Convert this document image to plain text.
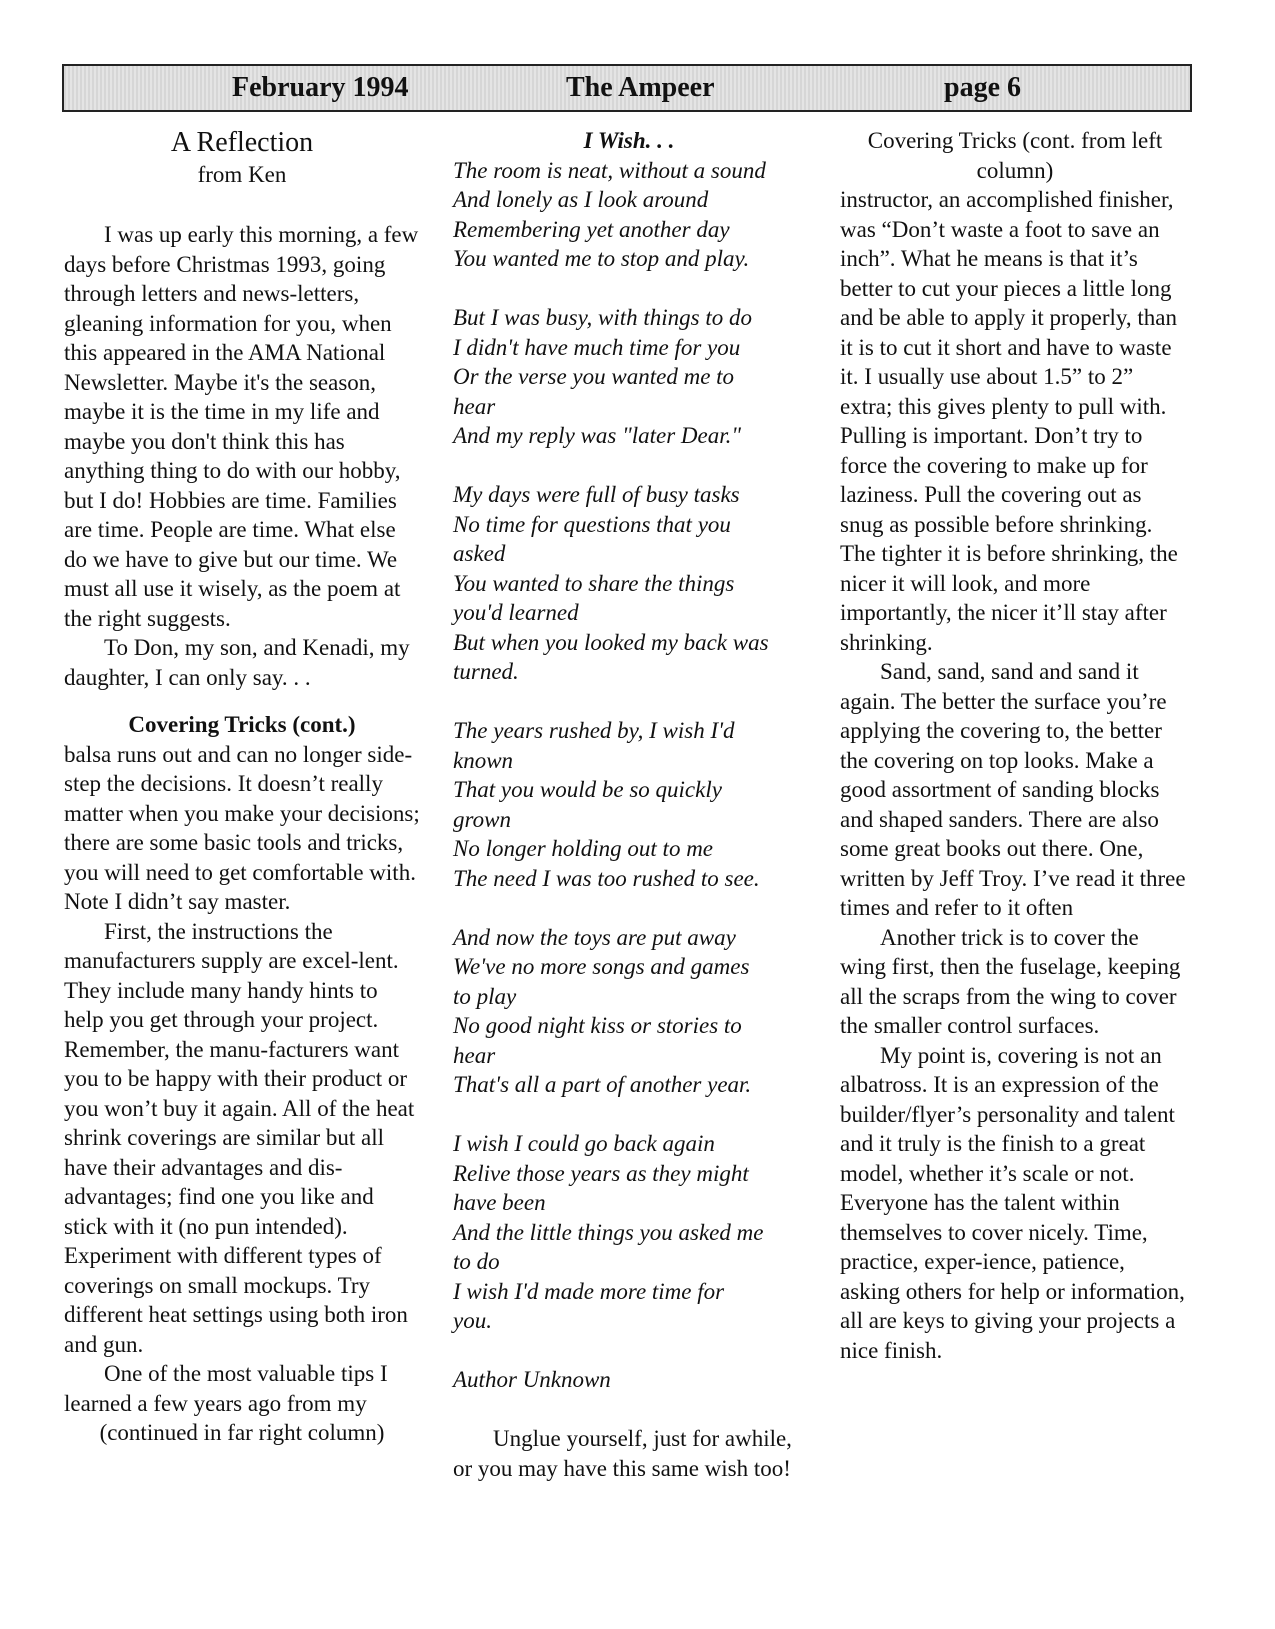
February 1994	The Ampeer	page 6

A Reflection

from Ken

I was up early this morning, a few days before Christmas 1993, going through letters and news-letters, gleaning information for you, when this appeared in the AMA National Newsletter. Maybe it's the season, maybe it is the time in my life and maybe you don't think this has anything thing to do with our hobby, but I do! Hobbies are time. Families are time. People are time. What else do we have to give but our time. We must all use it wisely, as the poem at the right suggests.

To Don, my son, and Kenadi, my daughter, I can only say. . .

Covering Tricks (cont.)

balsa runs out and can no longer side-step the decisions. It doesn’t really matter when you make your decisions; there are some basic tools and tricks, you will need to get comfortable with. Note I didn’t say master.

First, the instructions the manufacturers supply are excel-lent. They include many handy hints to help you get through your project. Remember, the manu-facturers want you to be happy with their product or you won’t buy it again. All of the heat shrink coverings are similar but all have their advantages and dis-advantages; find one you like and stick with it (no pun intended). Experiment with different types of coverings on small mockups. Try different heat settings using both iron and gun.

One of the most valuable tips I learned a few years ago from my

(continued in far right column)

I Wish. . .

The room is neat, without a sound
And lonely as I look around
Remembering yet another day
You wanted me to stop and play.
But I was busy, with things to do
I didn't have much time for you
Or the verse you wanted me to
hear
And my reply was "later Dear."
My days were full of busy tasks
No time for questions that you
asked
You wanted to share the things
you'd learned
But when you looked my back was
turned.
The years rushed by, I wish I'd
known
That you would be so quickly
grown
No longer holding out to me
The need I was too rushed to see.
And now the toys are put away
We've no more songs and games
to play
No good night kiss or stories to
hear
That's all a part of another year.
I wish I could go back again
Relive those years as they might
have been
And the little things you asked me
to do
I wish I'd made more time for
you.
Author Unknown

Unglue yourself, just for awhile, or you may have this same wish too!

Covering Tricks (cont. from left column)

instructor, an accomplished finisher, was “Don’t waste a foot to save an inch”. What he means is that it’s better to cut your pieces a little long and be able to apply it properly, than it is to cut it short and have to waste it. I usually use about 1.5” to 2” extra; this gives plenty to pull with. Pulling is important. Don’t try to force the covering to make up for laziness. Pull the covering out as snug as possible before shrinking. The tighter it is before shrinking, the nicer it will look, and more importantly, the nicer it’ll stay after shrinking.

Sand, sand, sand and sand it again. The better the surface you’re applying the covering to, the better the covering on top looks. Make a good assortment of sanding blocks and shaped sanders. There are also some great books out there. One, written by Jeff Troy. I’ve read it three times and refer to it often

Another trick is to cover the wing first, then the fuselage, keeping all the scraps from the wing to cover the smaller control surfaces.

My point is, covering is not an albatross. It is an expression of the builder/flyer’s personality and talent and it truly is the finish to a great model, whether it’s scale or not. Everyone has the talent within themselves to cover nicely. Time, practice, exper-ience, patience, asking others for help or information, all are keys to giving your projects a nice finish.
